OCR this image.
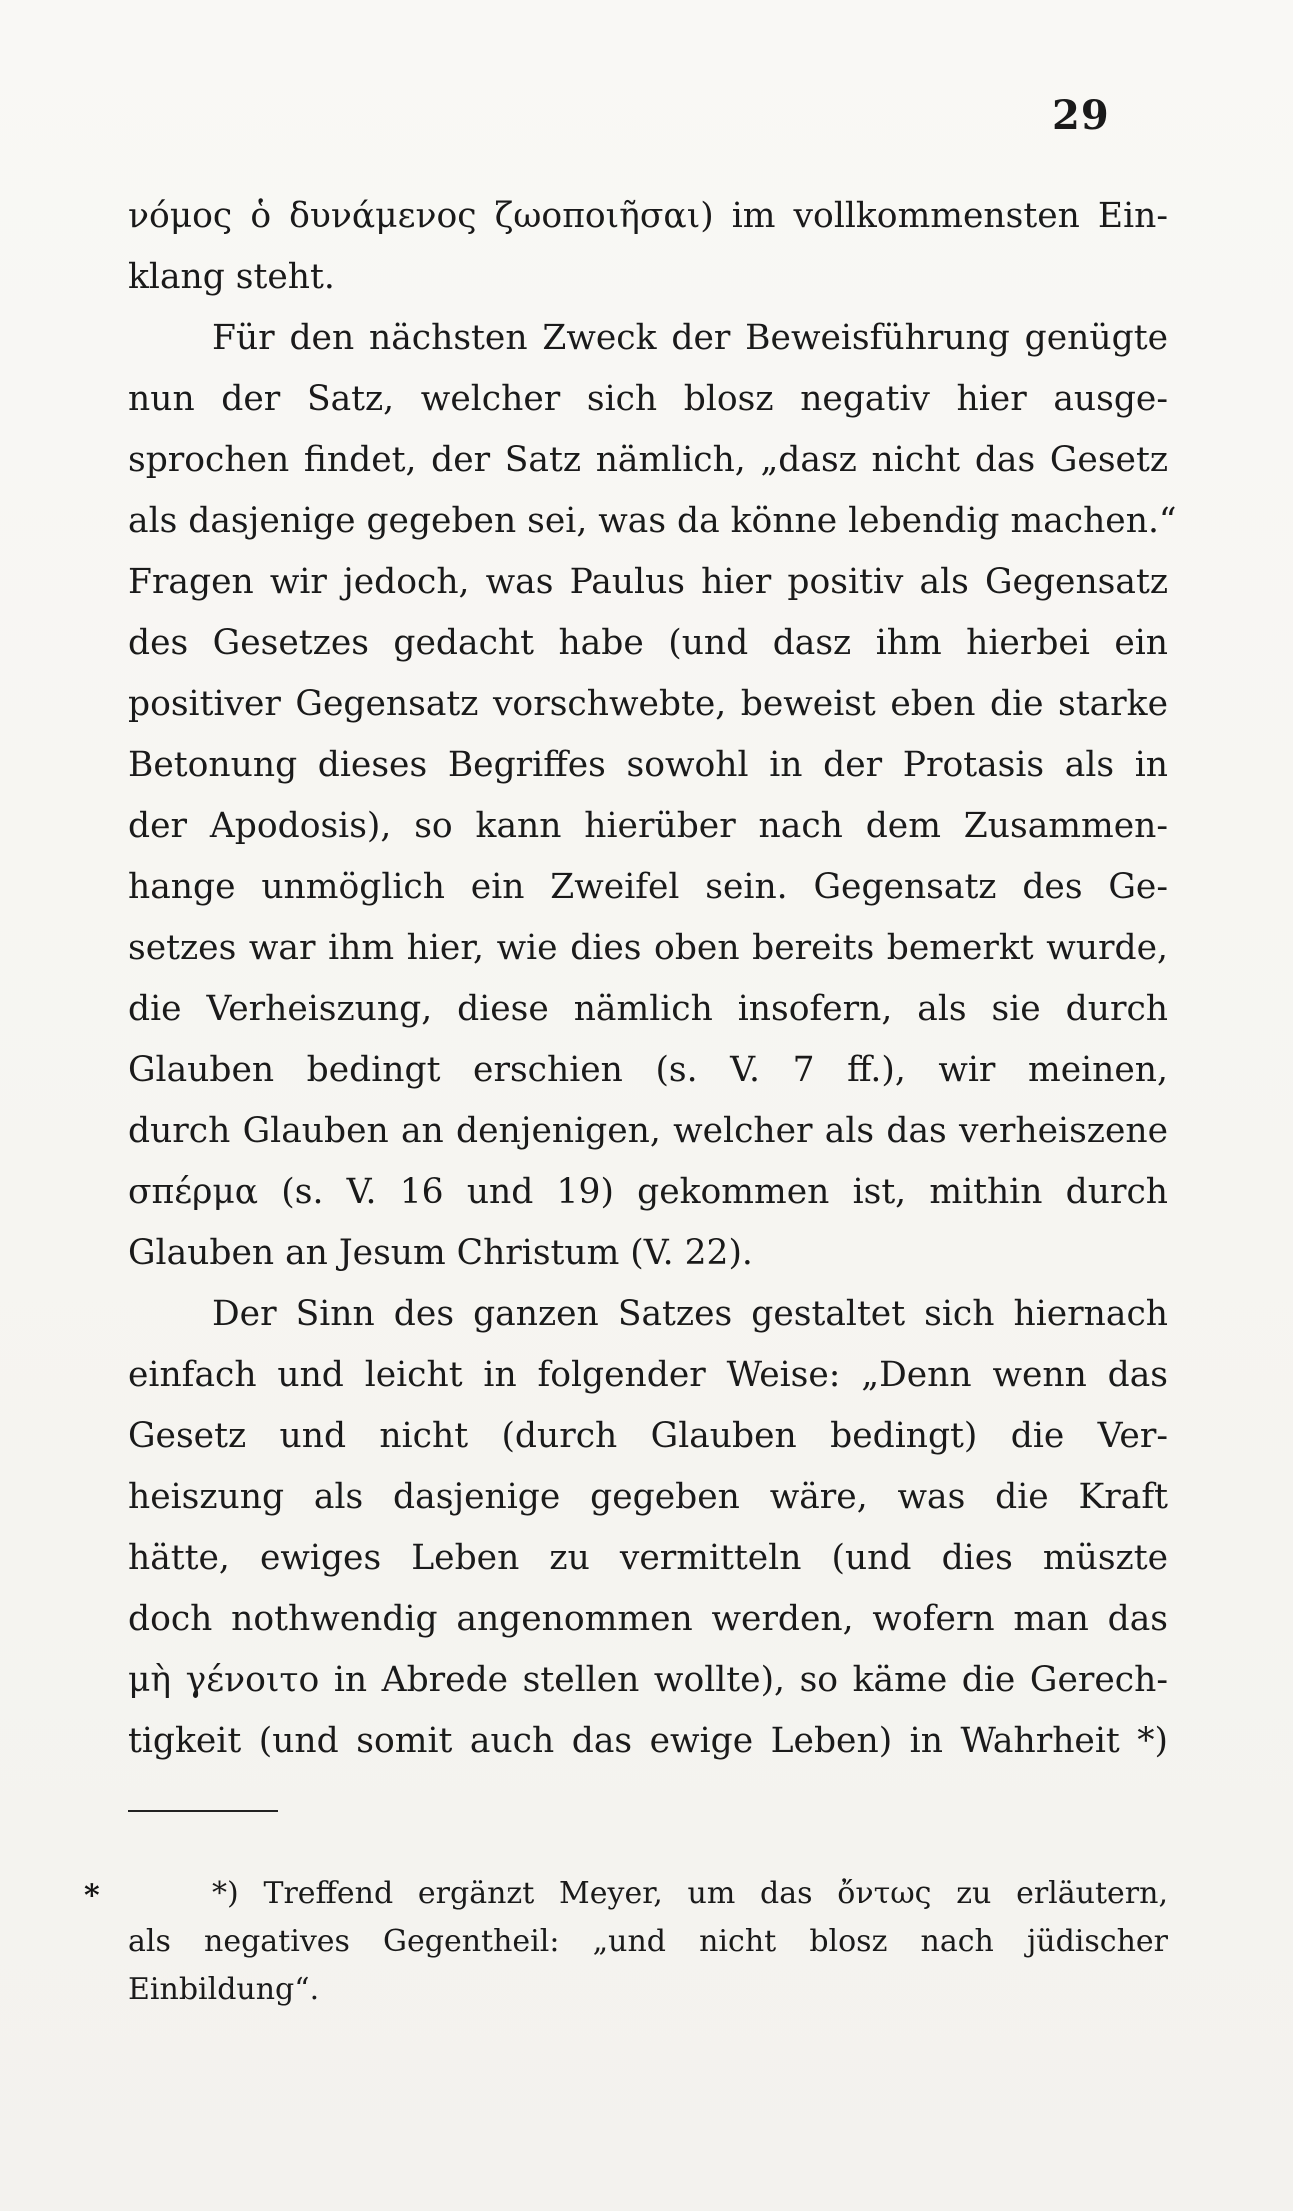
29
νόμος ὁ δυνάμενος ζωοποιῆσαι) im vollkommensten Ein-
klang steht.
Für den nächsten Zweck der Beweisführung genügte
nun der Satz, welcher sich blosz negativ hier ausge-
sprochen findet, der Satz nämlich, „dasz nicht das Gesetz
als dasjenige gegeben sei, was da könne lebendig machen.“
Fragen wir jedoch, was Paulus hier positiv als Gegensatz
des Gesetzes gedacht habe (und dasz ihm hierbei ein
positiver Gegensatz vorschwebte, beweist eben die starke
Betonung dieses Begriffes sowohl in der Protasis als in
der Apodosis), so kann hierüber nach dem Zusammen-
hange unmöglich ein Zweifel sein. Gegensatz des Ge-
setzes war ihm hier, wie dies oben bereits bemerkt wurde,
die Verheiszung, diese nämlich insofern, als sie durch
Glauben bedingt erschien (s. V. 7 ff.), wir meinen,
durch Glauben an denjenigen, welcher als das verheiszene
σπέρμα (s. V. 16 und 19) gekommen ist, mithin durch
Glauben an Jesum Christum (V. 22).
Der Sinn des ganzen Satzes gestaltet sich hiernach
einfach und leicht in folgender Weise: „Denn wenn das
Gesetz und nicht (durch Glauben bedingt) die Ver-
heiszung als dasjenige gegeben wäre, was die Kraft
hätte, ewiges Leben zu vermitteln (und dies müszte
doch nothwendig angenommen werden, wofern man das
μὴ γένοιτο in Abrede stellen wollte), so käme die Gerech-
tigkeit (und somit auch das ewige Leben) in Wahrheit *)
⁎	*) Treffend ergänzt Meyer, um das ὄντως zu erläutern,
als negatives Gegentheil: „und nicht blosz nach jüdischer
Einbildung“.
